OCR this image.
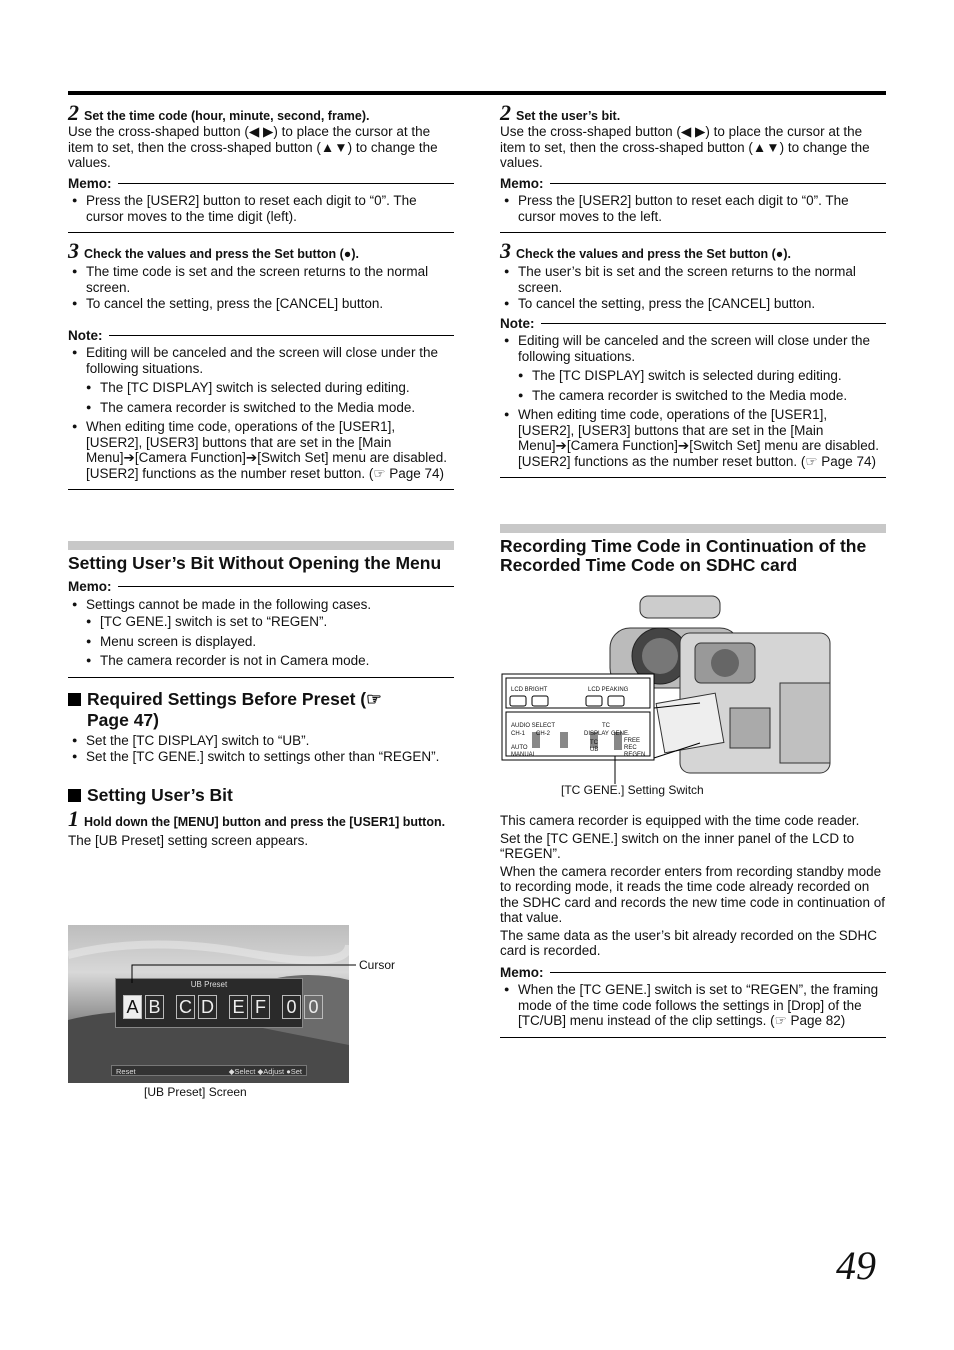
2 Set the time code (hour, minute, second, frame).

Use the cross-shaped button (◀ ▶) to place the cursor at the item to set, then the cross-shaped button (▲▼) to change the values.

Memo:
● Press the [USER2] button to reset each digit to “0”. The cursor moves to the time digit (left).
3 Check the values and press the Set button (●).
● The time code is set and the screen returns to the normal screen.
● To cancel the setting, press the [CANCEL] button.
Note:
● Editing will be canceled and the screen will close under the following situations.
● The [TC DISPLAY] switch is selected during editing.
● The camera recorder is switched to the Media mode.
● When editing time code, operations of the [USER1], [USER2], [USER3] buttons that are set in the [Main Menu]➔[Camera Function]➔[Switch Set] menu are disabled. [USER2] functions as the number reset button. (☞ Page 74)
Setting User’s Bit Without Opening the Menu
Memo:
● Settings cannot be made in the following cases.
● [TC GENE.] switch is set to “REGEN”.
● Menu screen is displayed.
● The camera recorder is not in Camera mode.
Required Settings Before Preset (☞ Page 47)
● Set the [TC DISPLAY] switch to “UB”.
● Set the [TC GENE.] switch to settings other than “REGEN”.
Setting User’s Bit
1 Hold down the [MENU] button and press the [USER1] button.

The [UB Preset] setting screen appears.

UB Preset
A B C D E F 0 0
Reset	◆Select ◆Adjust ●Set
Cursor
[UB Preset] Screen
2 Set the user’s bit.

Use the cross-shaped button (◀ ▶) to place the cursor at the item to set, then the cross-shaped button (▲▼) to change the values.

Memo:
● Press the [USER2] button to reset each digit to “0”. The cursor moves to the left.
3 Check the values and press the Set button (●).
● The user’s bit is set and the screen returns to the normal screen.
● To cancel the setting, press the [CANCEL] button.
Note:
● Editing will be canceled and the screen will close under the following situations.
● The [TC DISPLAY] switch is selected during editing.
● The camera recorder is switched to the Media mode.
● When editing time code, operations of the [USER1], [USER2], [USER3] buttons that are set in the [Main Menu]➔[Camera Function]➔[Switch Set] menu are disabled. [USER2] functions as the number reset button. (☞ Page 74)
Recording Time Code in Continuation of the Recorded Time Code on SDHC card
LCD BRIGHT	LCD PEAKING
AUDIO SELECT	TC
CH-1 CH-2
AUTO
MANUAL
DISPLAY
TC
UB
GENE.
FREE
REC
REGEN
[TC GENE.] Setting Switch

This camera recorder is equipped with the time code reader.

Set the [TC GENE.] switch on the inner panel of the LCD to “REGEN”.

When the camera recorder enters from recording standby mode to recording mode, it reads the time code already recorded on the SDHC card and records the new time code in continuation of that value.

The same data as the user’s bit already recorded on the SDHC card is recorded.

Memo:
● When the [TC GENE.] switch is set to “REGEN”, the framing mode of the time code follows the settings in [Drop] of the [TC/UB] menu instead of the clip settings. (☞ Page 82)
49
